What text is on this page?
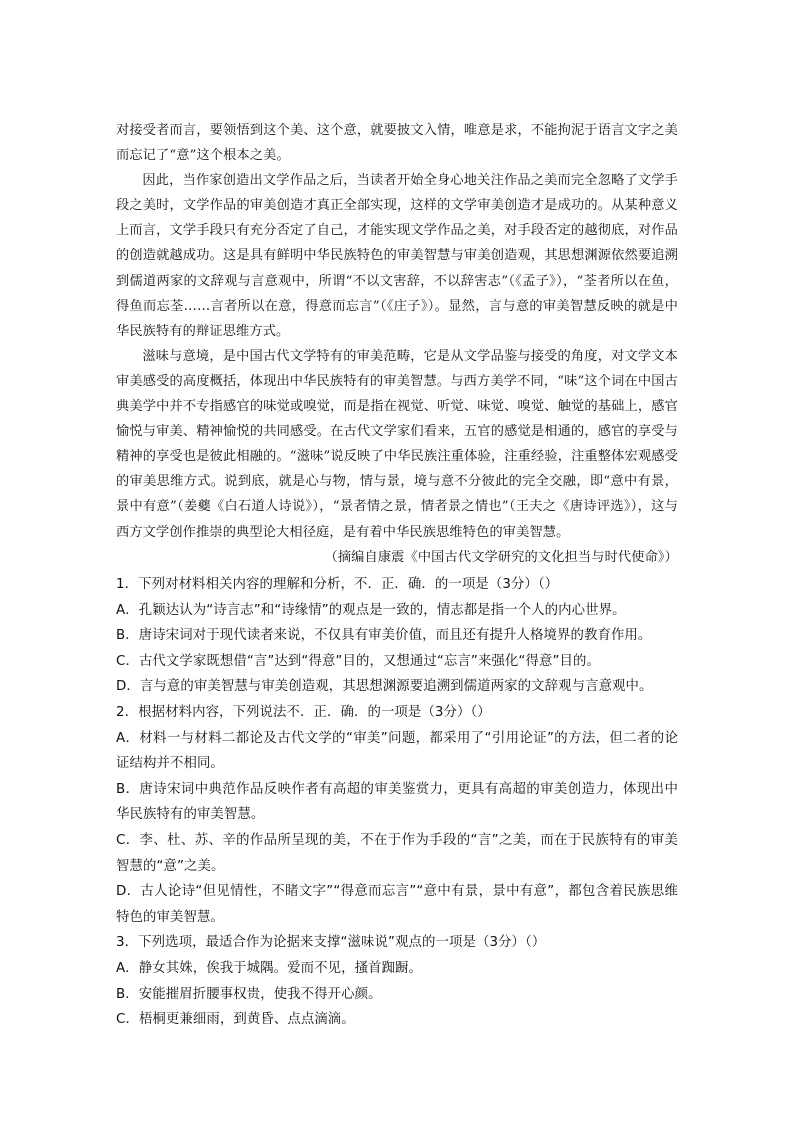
对接受者而言，要领悟到这个美、这个意，就要披文入情，唯意是求，不能拘泥于语言文字之美而忘记了“意”这个根本之美。

因此，当作家创造出文学作品之后，当读者开始全身心地关注作品之美而完全忽略了文学手段之美时，文学作品的审美创造才真正全部实现，这样的文学审美创造才是成功的。从某种意义上而言，文学手段只有充分否定了自己，才能实现文学作品之美，对手段否定的越彻底，对作品的创造就越成功。这是具有鲜明中华民族特色的审美智慧与审美创造观，其思想渊源依然要追溯到儒道两家的文辞观与言意观中，所谓“不以文害辞，不以辞害志”（《孟子》），“荃者所以在鱼，得鱼而忘荃……言者所以在意，得意而忘言”（《庄子》）。显然，言与意的审美智慧反映的就是中华民族特有的辩证思维方式。

滋味与意境，是中国古代文学特有的审美范畴，它是从文学品鉴与接受的角度，对文学文本审美感受的高度概括，体现出中华民族特有的审美智慧。与西方美学不同，“味”这个词在中国古典美学中并不专指感官的味觉或嗅觉，而是指在视觉、听觉、味觉、嗅觉、触觉的基础上，感官愉悦与审美、精神愉悦的共同感受。在古代文学家们看来，五官的感觉是相通的，感官的享受与精神的享受也是彼此相融的。“滋味”说反映了中华民族注重体验，注重经验，注重整体宏观感受的审美思维方式。说到底，就是心与物，情与景，境与意不分彼此的完全交融，即“意中有景，景中有意”（姜夔《白石道人诗说》），“景者情之景，情者景之情也”（王夫之《唐诗评选》），这与西方文学创作推崇的典型论大相径庭，是有着中华民族思维特色的审美智慧。

（摘编自康震《中国古代文学研究的文化担当与时代使命》）

1．下列对材料相关内容的理解和分析，不．正．确．的一项是（3分）（）

A．孔颖达认为“诗言志”和“诗缘情”的观点是一致的，情志都是指一个人的内心世界。

B．唐诗宋词对于现代读者来说，不仅具有审美价值，而且还有提升人格境界的教育作用。

C．古代文学家既想借“言”达到“得意”目的，又想通过“忘言”来强化“得意”目的。

D．言与意的审美智慧与审美创造观，其思想渊源要追溯到儒道两家的文辞观与言意观中。

2．根据材料内容，下列说法不．正．确．的一项是（3分）（）

A．材料一与材料二都论及古代文学的“审美”问题，都采用了“引用论证”的方法，但二者的论证结构并不相同。

B．唐诗宋词中典范作品反映作者有高超的审美鉴赏力，更具有高超的审美创造力，体现出中华民族特有的审美智慧。

C．李、杜、苏、辛的作品所呈现的美，不在于作为手段的“言”之美，而在于民族特有的审美智慧的“意”之美。

D．古人论诗“但见情性，不睹文字”“得意而忘言”“意中有景，景中有意”，都包含着民族思维特色的审美智慧。

3．下列选项，最适合作为论据来支撑“滋味说”观点的一项是（3分）（）

A．静女其姝，俟我于城隅。爱而不见，搔首踟蹰。

B．安能摧眉折腰事权贵，使我不得开心颜。

C．梧桐更兼细雨，到黄昏、点点滴滴。
